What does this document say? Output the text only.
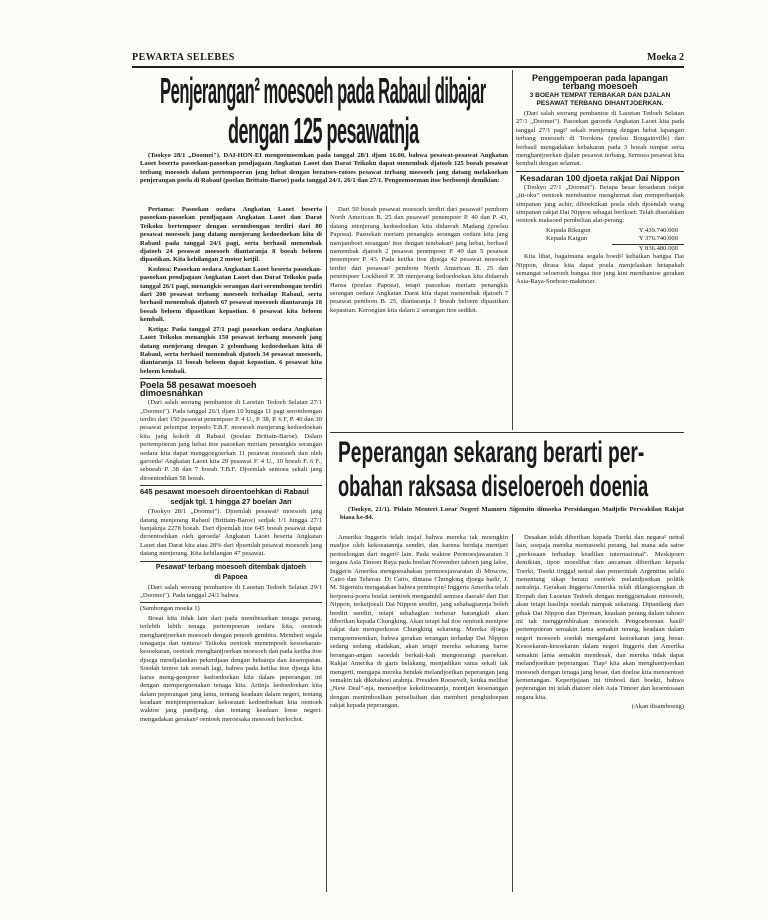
PEWARTA SELEBES	Moeka 2
Penjerangan² moesoeh pada Rabaul dibajar
dengan 125 pesawatnja

(Tookyo 28/1 „Doomei"). DAI-HON-EI mengoemoemkan pada tanggal 28/1 djam 16.00, bahwa pesawat-pesawat Angkatan Laoet beserta pasoekan-pasoekan pendjagaan Angkatan Laoet dan Darat Teikoku dapat menembak djatoeh 125 boeah pesawat terbang moesoeh dalam pertempoeran jang hebat dengan beratoes-ratoes pesawat terbang moesoeh jang datang melakoekan penjerangan poela di Rabaul (poelau Brittain-Baroe) pada tanggal 24/1, 26/1 dan 27/1. Pengoemoeman itoe berboenji demikian:

Pertama: Pasoekan oedara Angkatan Laoet beserta pasoekan-pasoekan pendjagaan Angkatan Laoet dan Darat Teikoku bertempoer dengan serombongan terdiri dari 80 pesawat moesoeh jang datang menjerang kedoedoekan kita di Rabaul pada tanggal 24/1 pagi, serta berhasil menembak djatoeh 24 pesawat moesoeh diantaranja 8 boeah beloem dipastikan. Kita kehilangan 2 motor ketjil.

Kedoea: Pasoekan oedara Angkatan Laoet beserta pasoekan-pasoekan pendjagaan Angkatan Laoet dan Darat Teikoku pada tanggal 26/1 pagi, menangkis serangan dari serombongan terdiri dari 200 pesawat terbang moesoeh terhadap Rabaul, serta berhasil menembak djatoeh 67 pesawat moesoeh diantaranja 18 boeah beloem dipastikan kepastian. 6 pesawat kita beloem kembali.

Ketiga: Pada tanggal 27/1 pagi pasoekan oedara Angkatan Laoet Teikoku menangkis 150 pesawat terbang moesoeh jang datang menjerang dengan 2 gelombang kedoedoekan kita di Rabaul, serta berhasil menembak djatoeh 34 pesawat moesoeh, diantaranja 11 boeah beloem dapat kepastian. 6 pesawat kita beloem kembali.

Poela 58 pesawat moesoeh dimoesnahkan

(Dari salah seorang pembantoe di Laoetan Tedoeh Selatan 27/1 „Doomei"). Pada tanggal 26/1 djam 10 hingga 11 pagi serombongan terdiri dari 150 pesawat penempoer P. 4 U., P. 38, P. 6 F, P. 40 dan 30 pesawat pelempar torpedo T.B.F. moesoeh menjerang kedoedoekan kita jang kokoh di Rabaul (poelau Brittain-Baroe). Dalam pertempoeran jang hebat itoe pasoekan meriam penangkis serangan oedara kita dapat menggoegoerkan 11 pesawat moesoeh dan oleh garoeda² Angkatan Laoet kita 29 pesawat F. 4 U., 10 boeah F. 6 F., seboeah P. 38 dan 7 boeah T.B.F. Djoemlah semoea sekali jang diroentoehkan 58 boeah.

645 pesawat moesoeh diroentoehkan di Rabaul
sedjak tgl. 1 hingga 27 boelan Jan

(Tookyo 28/1 „Doomei"). Djoemlah pesawat² moesoeh jang datang menjerang Rabaul (Brittain-Baroe) sedjak 1/1 hingga 27/1 banjaknja 2278 boeah. Dari djoemlah itoe 645 boeah pesawat dapat diroentoehkan oleh garoeda² Angkatan Laoet beserta Angkatan Laoet dan Darat kita atau 28% dari djoemlah pesawat moesoeh jang datang menjerang. Kita kehilangan 47 pesawat.

Pesawat² terbang moesoeh ditembak djatoeh
di Papoea

(Dari salah seorang pembantoe di Laoetan Tedoeh Selatan 29/1 „Doomei"). Pada tanggal 24/1 bahwa

(Sambongan moeka 1)

Boeat kita tidak lain dari pada membesarkan tenaga perang, terlebih lebih tenaga pertempoeran oedara kita, oentoek menghantjoerkan moesoeh dengan penoeh gembira. Memberi segala tenaganja dan tentera² Teikoku oentoek menempoeh kesoekaran-kesoekaran, oentoek menghantjoerkan moesoeh dan pada ketika itoe djoega mendjalankan pekerdjaan dengan hebatnja dan kesempatan. Soedah tentoe tak soesah lagi, bahwa pada ketika itoe djoega kita harus meng-gempoer kedoedoekan kita dalam peperangan ini dengan mempergoenakan tenaga kita. Artinja kedoedoekan kita dalam peperangan jang lama, tentang keadaan dalam negeri, tentang keadaan menjempoernakan kekoeatan kedoedoekan kita oentoek waktoe jang pandjang, dan tentang keadaan loear negeri: mengadakan gerakan² oentoek meroesaka moesoeh berlochot.

Dari 50 boeah pesawat moesoeh terdiri dari pesawat² pembom North American B. 25 dan pesawat² penempoer P. 40 dan P. 43, datang menjerang kedoedoekan kita didaerah Madang (poelau Papoea). Pasoekan meriam penangkis serangan oedara kita jang menjamboet serangan² itoe dengan tembakan² jang hebat, berhasil menembak djatoeh 2 pesawat penempoer P. 40 dan 5 pesawat penempoer P. 43. Pada ketika itoe djoega 42 pesawat moesoeh terdiri dari pesawat² pembom North American B. 25 dan penempoer Lockheed P. 38 menjerang kedoedoekan kita didaerah Hansa (poelau Papoea), tetapi pasoekan meriam penangkis serangan oedara Angkatan Darat kita dapat menembak djatoeh 7 pesawat pembom B. 25, diantaranja 1 boeah beloem dipastikan kepastian. Keroegian kita dalam 2 serangan itoe sedikit.

Penggempoeran pada lapangan terbang moesoeh
3 BOEAH TEMPAT TERBAKAR DAN DJALAN PESAWAT TERBANG DIHANTJOERKAN.

(Dari salah seorang pembantoe di Laoetan Tedoeh Selatan 27/1 „Doomei"). Pasoekan garoeda Angkatan Laoet kita pada tanggal 27/1 pagi² sekali menjerang dengan hebat lapangan terbang moesoeh di Torokina (poelau Bougainville) dan berhasil mengadakan kebakaran pada 3 boeah tempat serta menghantjoerkan djalan pesawat terbang. Semoea pesawat kita kembali dengan selamat.

Kesadaran 100 djoeta rakjat Dai Nippon

(Tookyo 27/1 „Doomei"). Betapa besar kesadaran rakjat „iti-oku" oentoek membantoe menghemat dan memperbanjak simpanan jang achir, diboektikan poela oleh djoemlah wang simpanan rakjat Dai Nippon sebagai berikoet: Telah diserahkan oentoek maksoed pembelian alat-perang:

Kepada Rikugun	Y 439.740.000
Kepada Kaigun	Y 376.740.000
Y 836.480.000

Kita lihat, bagaimana segala boedi² kebaikan bangsa Dai Nippon, dirasa kita dapat poela menjelaskan betapakah semangat seloeroeh bangsa itoe jang kini membantoe gerakan Asia-Raya-Soeboer-makmoer.

Peperangan sekarang berarti per-
obahan raksasa diseloeroeh doenia

(Tookyo, 21/1). Pidato Menteri Loear Negeri Mamoru Sigemitu dimoeka Persidangan Madjelis Perwakilan Rakjat biasa ke-84.

Amerika Inggeris telah insjaf bahwa mereka tak moengkin madjoe oleh kekoeatannja sendiri, dan karena berdaja mentjari pertoelongan dari negeri² lain. Pada waktoe Permoesjawaratan 3 negara Asia Timoer Raya pada boelan November tahoen jang laloe, Inggeris Amerika mengoesahakan permoesjawaratan di Moscow, Cairo dan Teheran. Di Cairo, dimana Chungking djoega hadir, J. M. Sigemitu mengatakan bahwa pemimpin² Inggeris Amerika telah berpoera-poera boelat oentoek mengambil semoea daerah² dari Dai Nippon, terketjoeali Dai Nippon sendiri, jang sebahagiannja boleh berdiri sendiri, tetapi sebahagian terbesar barangkali akan diberikan kepada Chungking. Akan tetapi hal itoe oentoek menipoe rakjat dan memperkoeat Chungking sekarang. Mereka djoega mengoemoemkan, bahwa gerakan serangan terhadap Dai Nippon sedang sedang diadakan, akan tetapi mereka sekarang baroe berangan-angan saoedah berkali-kali mengoerangi pasoekan. Rakjat Amerika di garis belakang, menjadikan sama sekali tak mengerti, mengapa mereka hendak melandjoetkan peperangan jang semakin tak diketahoei arahnja. Presiden Roosevelt, ketika melihat „New Deal"-nja, menoedjoe kekeliroeannja, mentjari kesenangan dengan menimboelkan perselisihan dan memberi penghidoepan rakjat kepada peperangan.

Desakan telah diberikan kepada Toerki dan negara² netral lain, soepaja mereka memasoeki perang, hal mana ada satoe „perkosaan terhadap keadilan internasional". Meskipoen demikian, tipoe moeslihat dan ancaman diberikan kepada Toerki, Toerki tinggal netral dan pemerintah Argentina selalu menentang sikap berani oentoek melandjoetkan politik netralnja. Gerakan Inggeris/Amerika telah dilangsoengkan di Eropah dan Laoetan Tedoeh dengan menggoenakan moesoeh, akan tetapi hasilnja soedah nampak sekarang. Dipandang dari pihak Dai Nippon dan Djerman, keadaan perang dalam tahoen ini tak menggembirakan moesoeh. Pengoeboenan hasil² pertempoeran semakin lama semakin terang, keadaan dalam negeri moesoeh soedah mengalami kesoekaran jang besar. Kesoekaran-kesoekaran dalam negeri Inggeris dan Amerika semakin lama semakin mendesak, dan mereka tidak dapat melandjoetkan peperangan. Tiap² kita akan menghantjoerkan moesoeh dengan tenaga jang besar, dan doeloe kita menoentoet kemenangan. Kepertjajaan ini timboel dari boekti, bahwa peperangan ini telah diatoer oleh Asia Timoer dan kesentosaan negara kita.

(Akan disamboeng)
